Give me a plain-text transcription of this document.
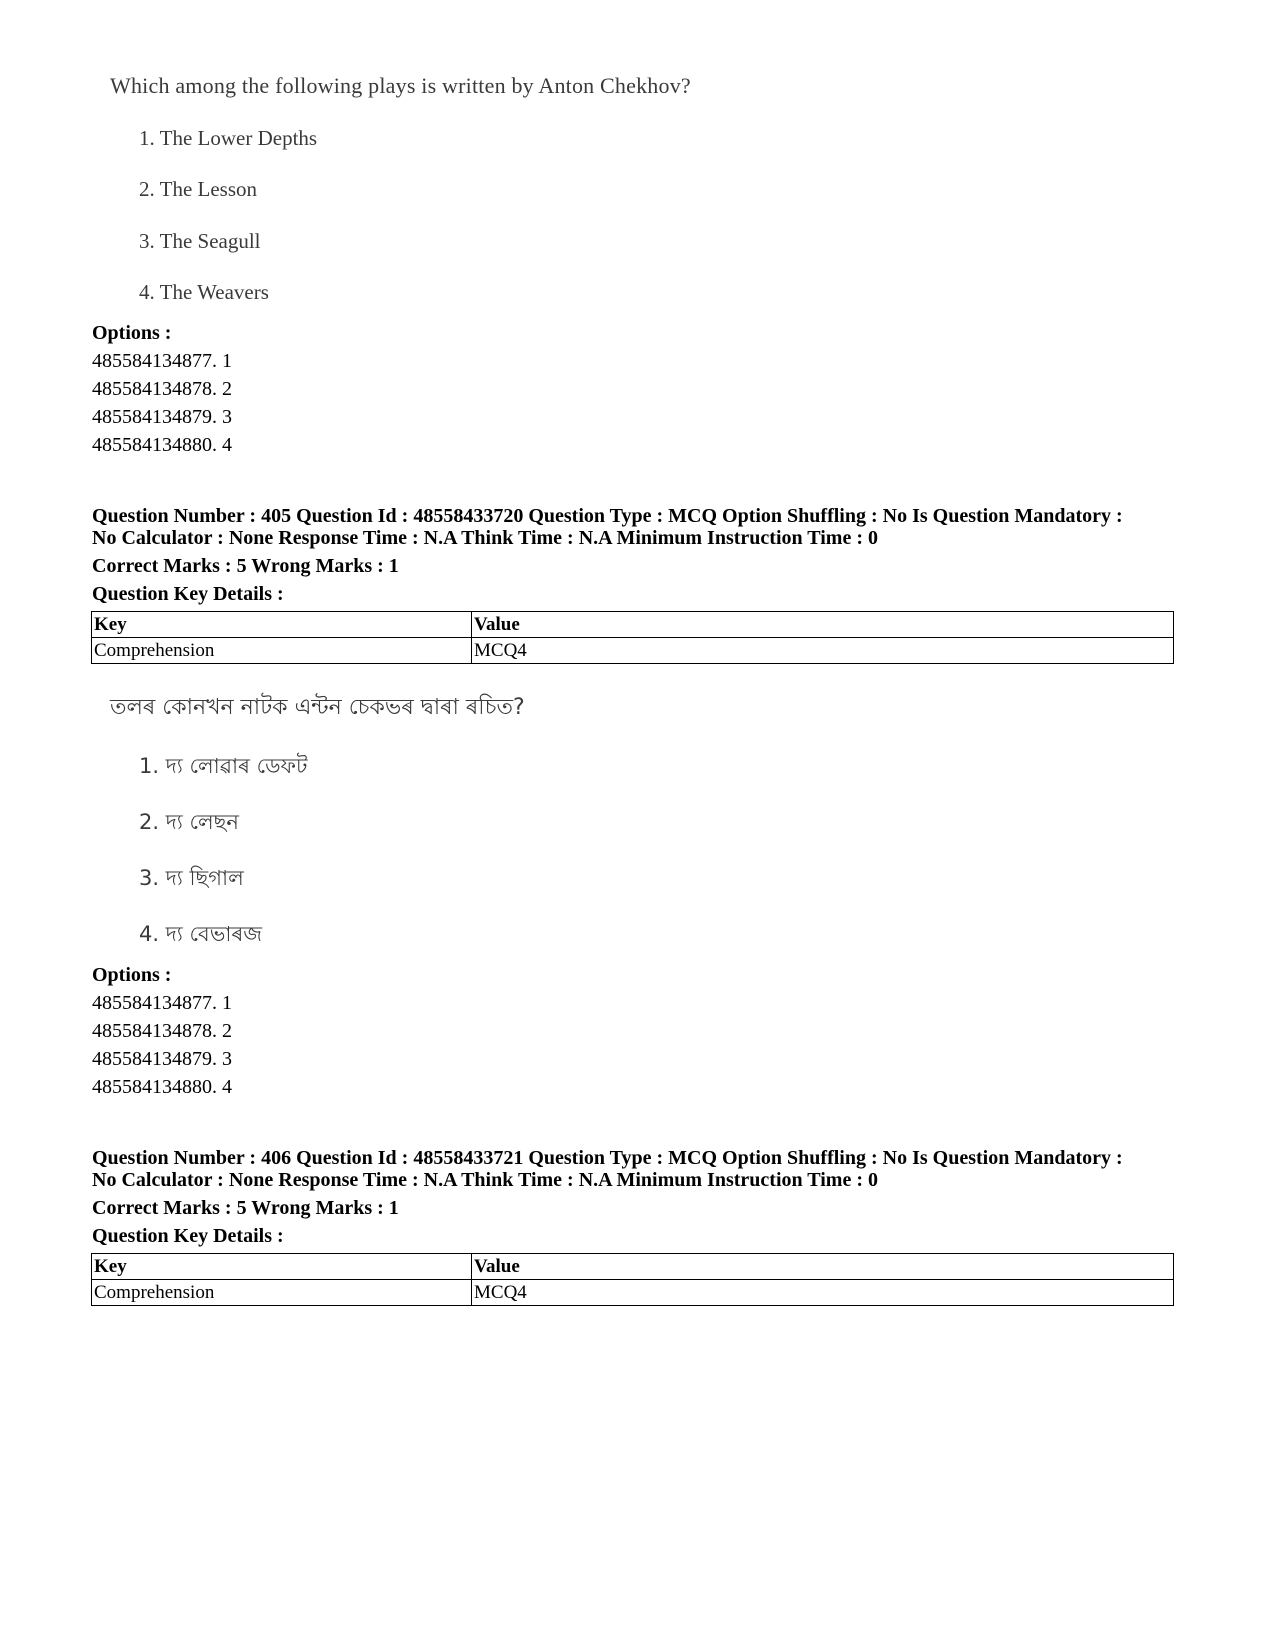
Which among the following plays is written by Anton Chekhov?
1. The Lower Depths
2. The Lesson
3. The Seagull
4. The Weavers
Options :
485584134877. 1
485584134878. 2
485584134879. 3
485584134880. 4
Question Number : 405 Question Id : 48558433720 Question Type : MCQ Option Shuffling : No Is Question Mandatory :
No Calculator : None Response Time : N.A Think Time : N.A Minimum Instruction Time : 0
Correct Marks : 5 Wrong Marks : 1
Question Key Details :
Key	Value
Comprehension	MCQ4
তলৰ কোনখন নাটক এন্টন চেকভৰ দ্বাৰা ৰচিত?
1. দ্য লোৱাৰ ডেফট
2. দ্য লেছন
3. দ্য ছিগাল
4. দ্য বেভাৰজ
Options :
485584134877. 1
485584134878. 2
485584134879. 3
485584134880. 4
Question Number : 406 Question Id : 48558433721 Question Type : MCQ Option Shuffling : No Is Question Mandatory :
No Calculator : None Response Time : N.A Think Time : N.A Minimum Instruction Time : 0
Correct Marks : 5 Wrong Marks : 1
Question Key Details :
Key	Value
Comprehension	MCQ4
